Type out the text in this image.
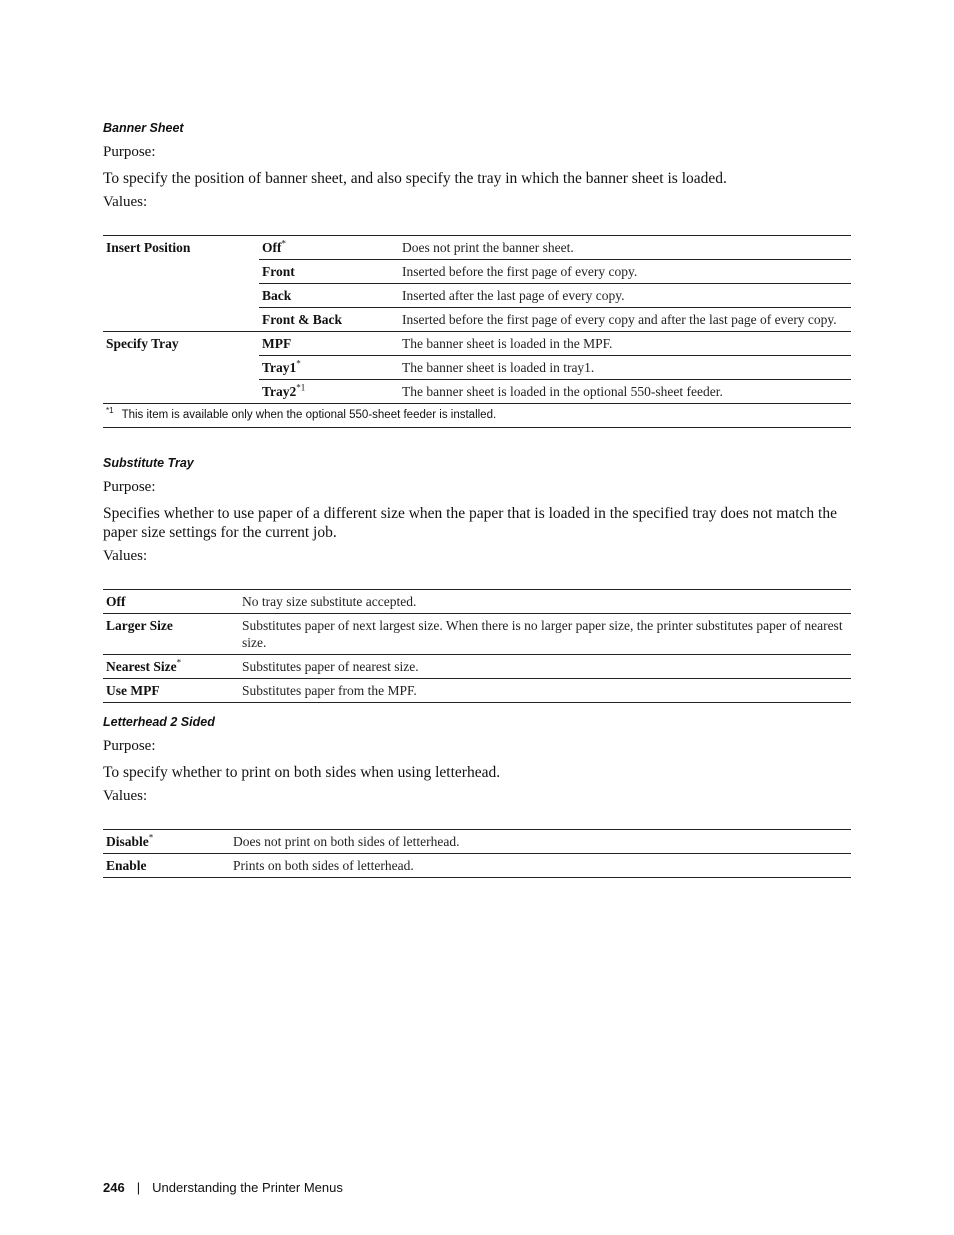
Banner Sheet
Purpose:
To specify the position of banner sheet, and also specify the tray in which the banner sheet is loaded.
Values:
Insert Position	Off*	Does not print the banner sheet.
	Front	Inserted before the first page of every copy.
	Back	Inserted after the last page of every copy.
	Front & Back	Inserted before the first page of every copy and after the last page of every copy.
Specify Tray	MPF	The banner sheet is loaded in the MPF.
	Tray1*	The banner sheet is loaded in tray1.
	Tray2$^{*1}$	The banner sheet is loaded in the optional 550-sheet feeder.
$^{*1}$ This item is available only when the optional 550-sheet feeder is installed.		
Substitute Tray
Purpose:
Specifies whether to use paper of a different size when the paper that is loaded in the specified tray does not match the paper size settings for the current job.
Values:
Off	No tray size substitute accepted.
Larger Size	Substitutes paper of next largest size. When there is no larger paper size, the printer substitutes paper of nearest size.
Nearest Size*	Substitutes paper of nearest size.
Use MPF	Substitutes paper from the MPF.
Letterhead 2 Sided
Purpose:
To specify whether to print on both sides when using letterhead.
Values:
Disable*	Does not print on both sides of letterhead.
Enable	Prints on both sides of letterhead.
246 | Understanding the Printer Menus
